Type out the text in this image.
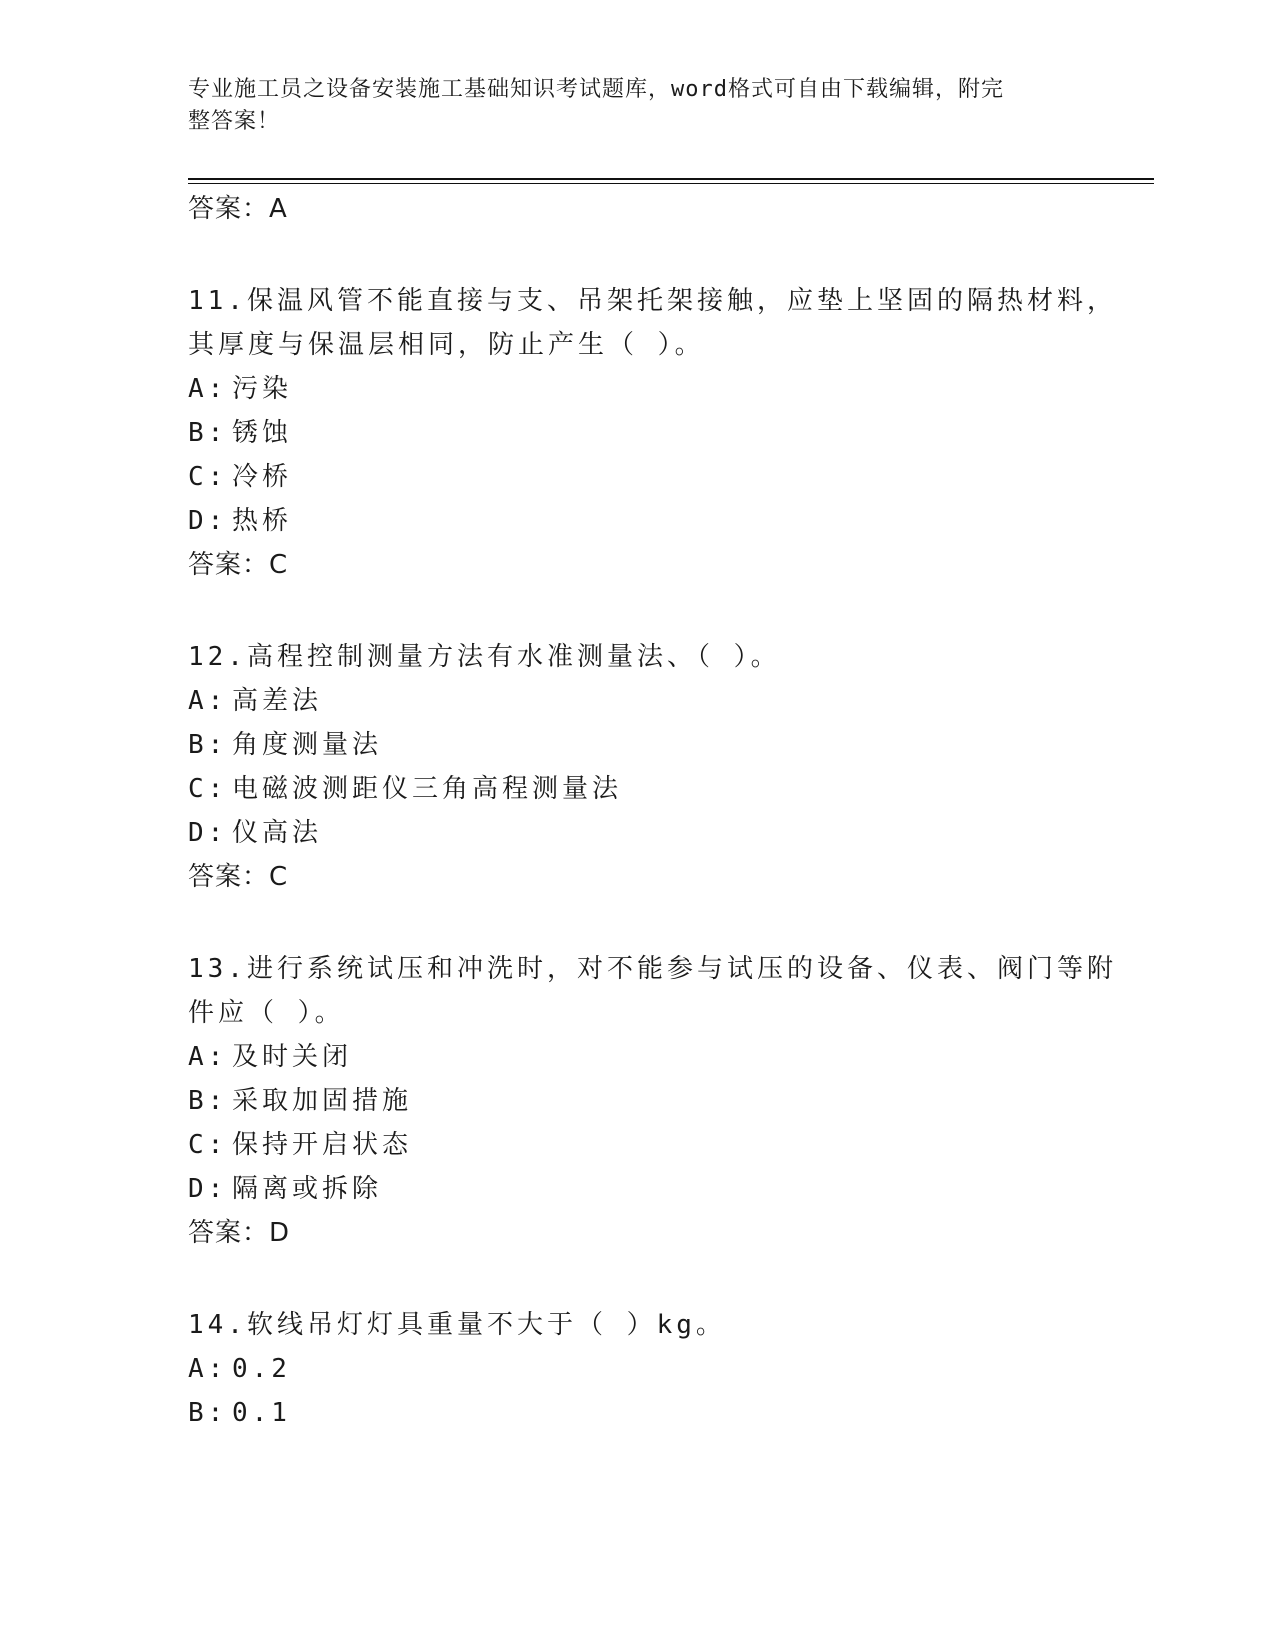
专业施工员之设备安装施工基础知识考试题库，word格式可自由下载编辑，附完
整答案！
答案：A
11.保温风管不能直接与支、吊架托架接触，应垫上坚固的隔热材料，
其厚度与保温层相同，防止产生（ ）。
A: 污染
B: 锈蚀
C: 冷桥
D: 热桥
答案：C
12.高程控制测量方法有水准测量法、（ ）。
A: 高差法
B: 角度测量法
C: 电磁波测距仪三角高程测量法
D: 仪高法
答案：C
13.进行系统试压和冲洗时，对不能参与试压的设备、仪表、阀门等附
件应（ ）。
A: 及时关闭
B: 采取加固措施
C: 保持开启状态
D: 隔离或拆除
答案：D
14.软线吊灯灯具重量不大于（ ）kg。
A: 0.2
B: 0.1
